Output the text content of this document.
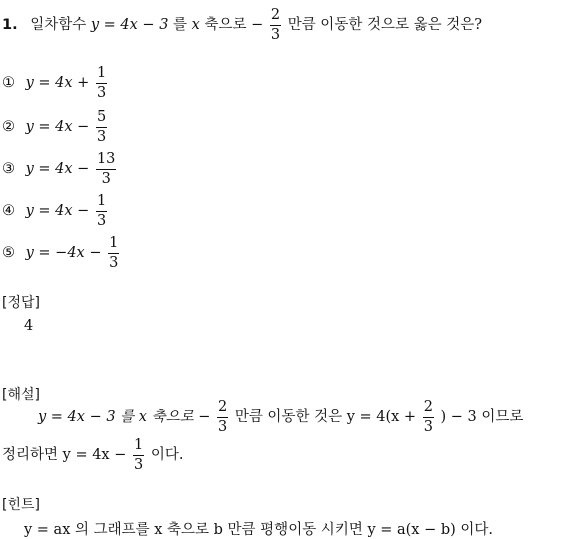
1. 일차함수 y = 4x − 3 를 x 축으로 − $\frac{2}{3}$ 만큼 이동한 것으로 옳은 것은?
① $y = 4x + \frac{1}{3}$
② $y = 4x - \frac{5}{3}$
③ $y = 4x - \frac{13}{3}$
④ $y = 4x - \frac{1}{3}$
⑤ $y = -4x - \frac{1}{3}$
[정답]
4
[해설]
y = 4x − 3 를 x 축으로 − $\frac{2}{3}$ 만큼 이동한 것은 $y = 4(x + \frac{2}{3}$ ) − 3 이므로
정리하면 $y = 4x - \frac{1}{3}$ 이다.
[힌트]
y = ax 의 그래프를 x 축으로 b 만큼 평행이동 시키면 y = a(x − b) 이다.
